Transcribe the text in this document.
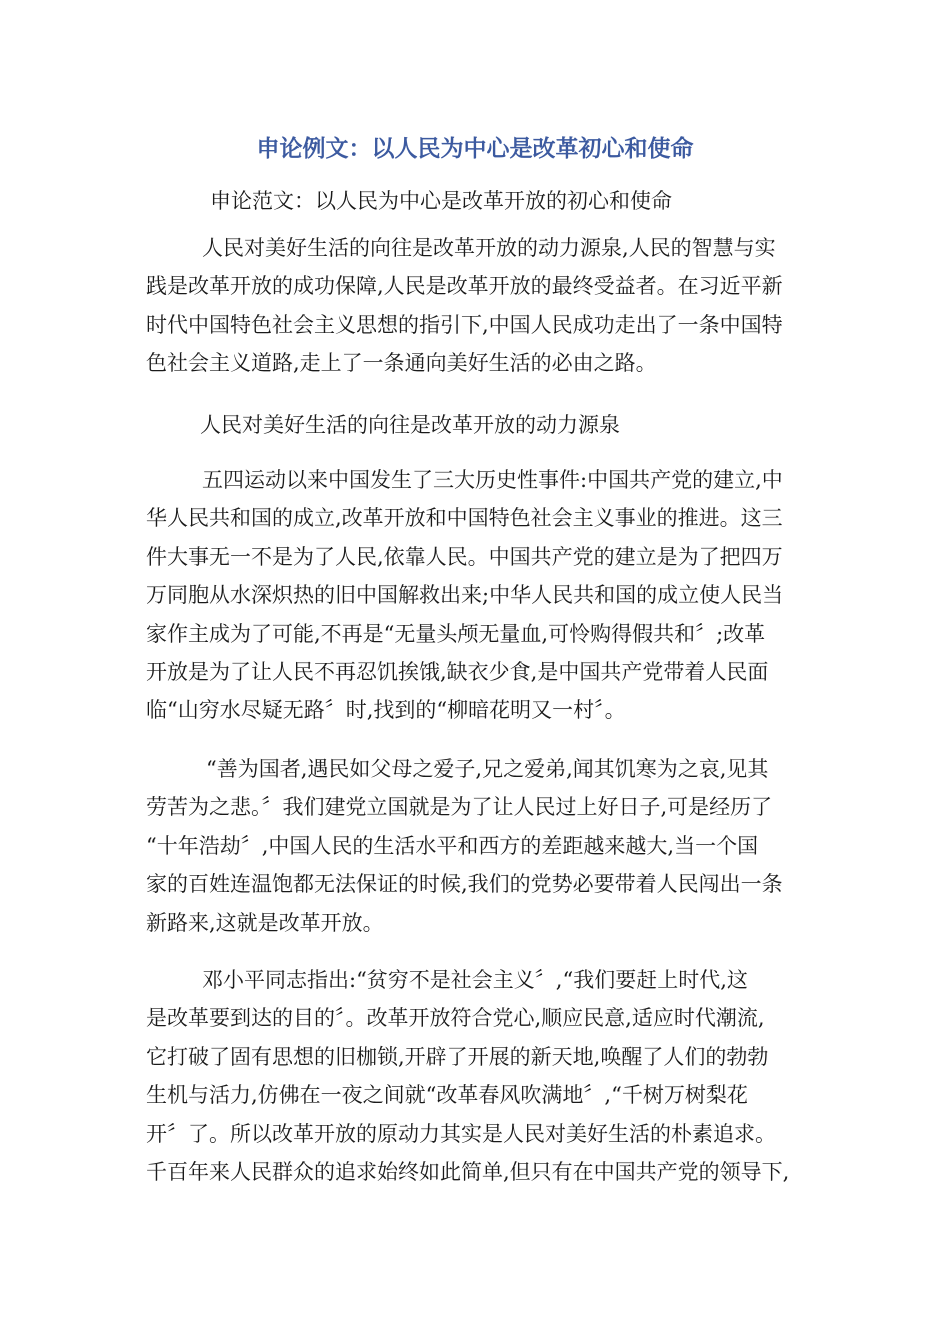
申论例文：以人民为中心是改革初心和使命
申论范文：以人民为中心是改革开放的初心和使命
人民对美好生活的向往是改革开放的动力源泉,人民的智慧与实
践是改革开放的成功保障,人民是改革开放的最终受益者。在习近平新
时代中国特色社会主义思想的指引下,中国人民成功走出了一条中国特
色社会主义道路,走上了一条通向美好生活的必由之路。
人民对美好生活的向往是改革开放的动力源泉
五四运动以来中国发生了三大历史性事件:中国共产党的建立,中
华人民共和国的成立,改革开放和中国特色社会主义事业的推进。这三
件大事无一不是为了人民,依靠人民。中国共产党的建立是为了把四万
万同胞从水深炽热的旧中国解救出来;中华人民共和国的成立使人民当
家作主成为了可能,不再是“无量头颅无量血,可怜购得假共和〞;改革
开放是为了让人民不再忍饥挨饿,缺衣少食,是中国共产党带着人民面
临“山穷水尽疑无路〞时,找到的“柳暗花明又一村〞。
“善为国者,遇民如父母之爱子,兄之爱弟,闻其饥寒为之哀,见其
劳苦为之悲。〞我们建党立国就是为了让人民过上好日子,可是经历了
“十年浩劫〞,中国人民的生活水平和西方的差距越来越大,当一个国
家的百姓连温饱都无法保证的时候,我们的党势必要带着人民闯出一条
新路来,这就是改革开放。
邓小平同志指出:“贫穷不是社会主义〞,“我们要赶上时代,这
是改革要到达的目的〞。改革开放符合党心,顺应民意,适应时代潮流,
它打破了固有思想的旧枷锁,开辟了开展的新天地,唤醒了人们的勃勃
生机与活力,仿佛在一夜之间就“改革春风吹满地〞,“千树万树梨花
开〞了。所以改革开放的原动力其实是人民对美好生活的朴素追求。
千百年来人民群众的追求始终如此简单,但只有在中国共产党的领导下,
